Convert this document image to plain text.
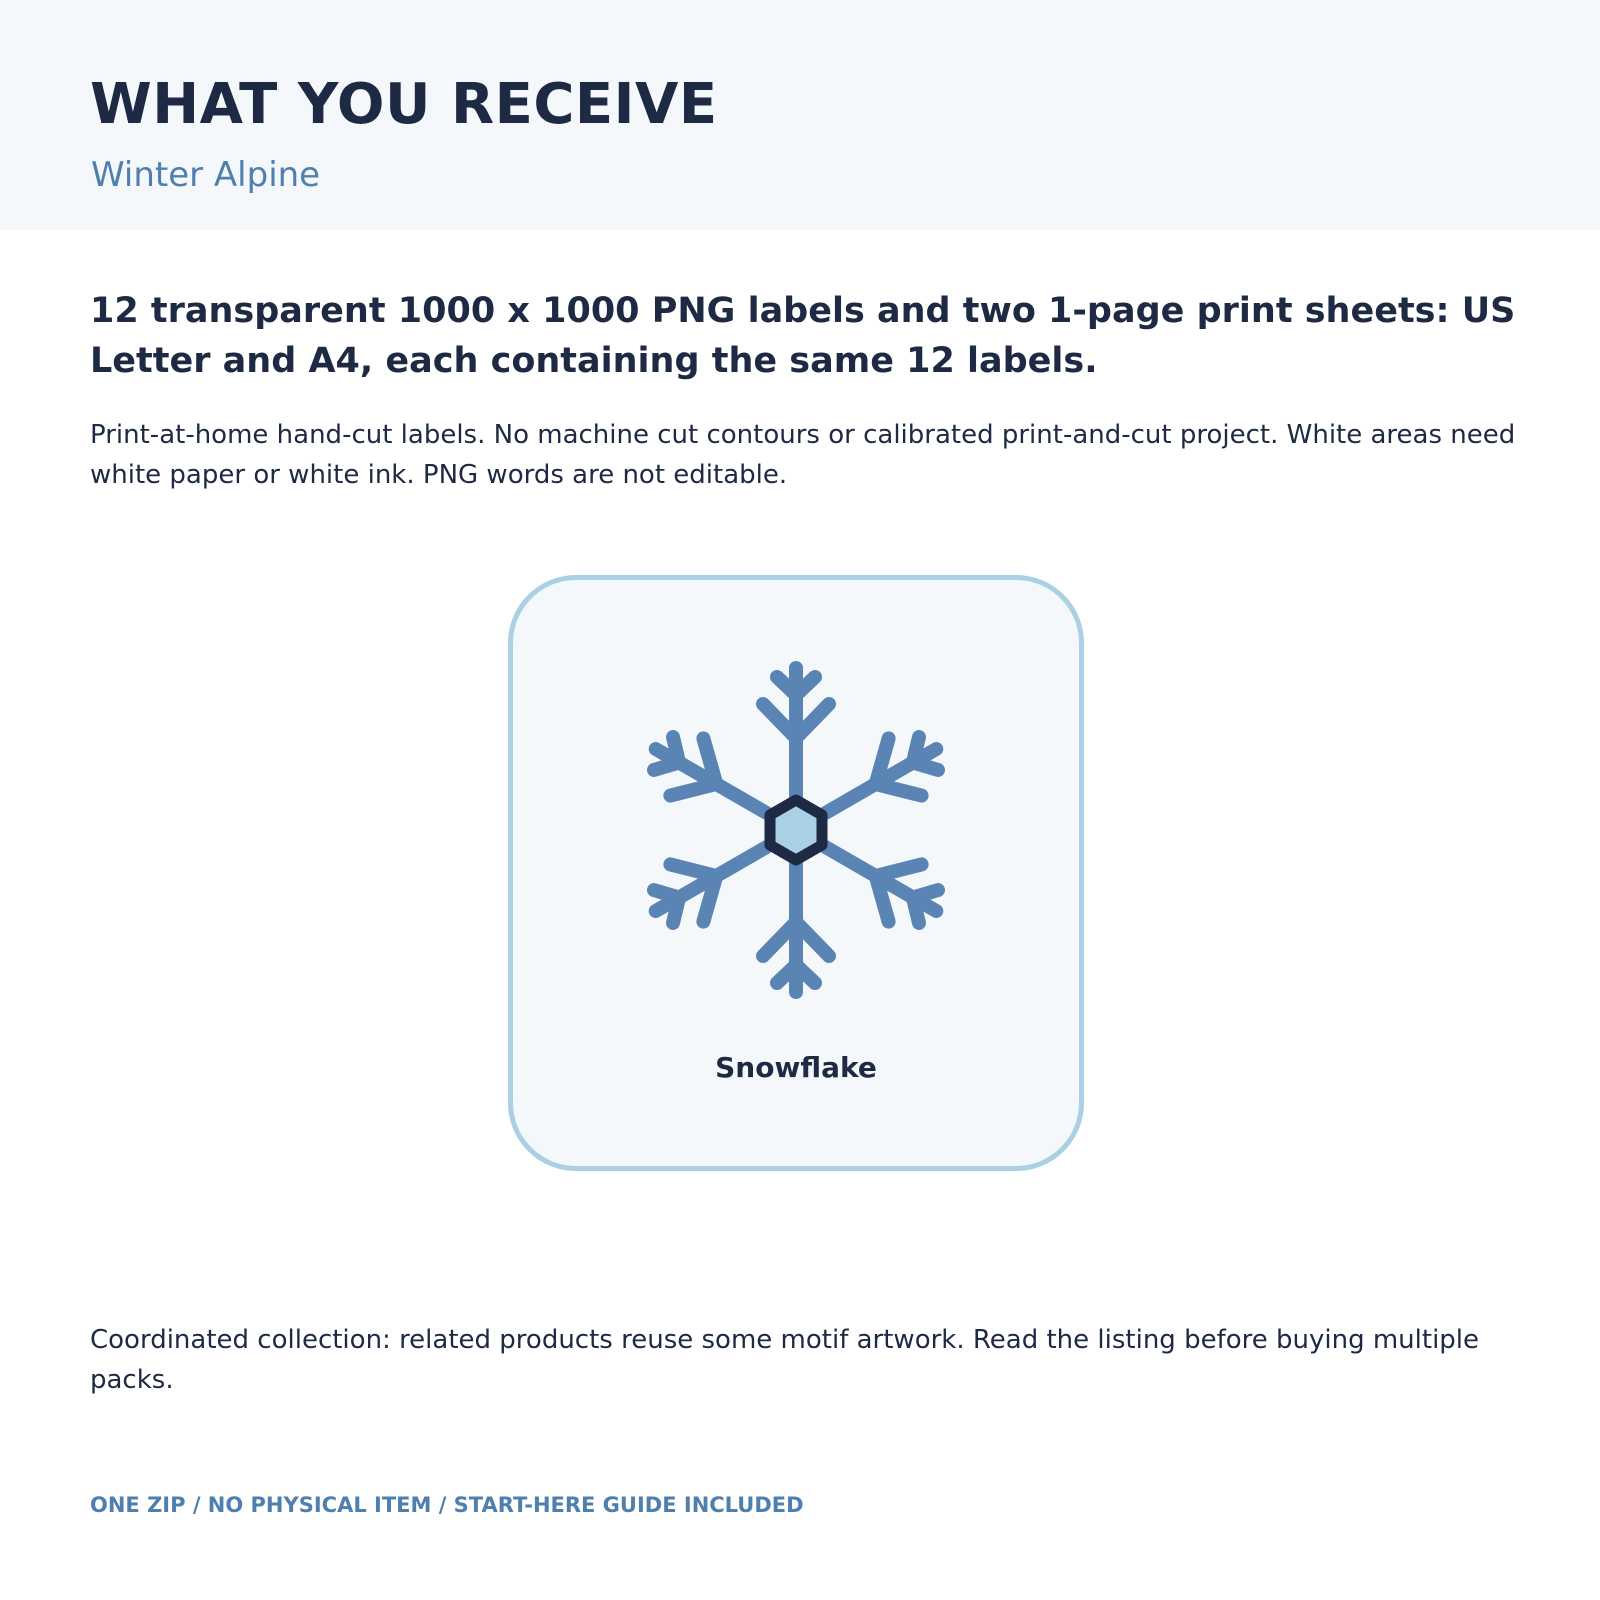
WHAT YOU RECEIVE
Winter Alpine
12 transparent 1000 x 1000 PNG labels and two 1-page print sheets: US Letter and A4, each containing the same 12 labels.

Print-at-home hand-cut labels. No machine cut contours or calibrated print-and-cut project. White areas need white paper or white ink. PNG words are not editable.

Snowflake

Coordinated collection: related products reuse some motif artwork. Read the listing before buying multiple packs.

ONE ZIP / NO PHYSICAL ITEM / START-HERE GUIDE INCLUDED
